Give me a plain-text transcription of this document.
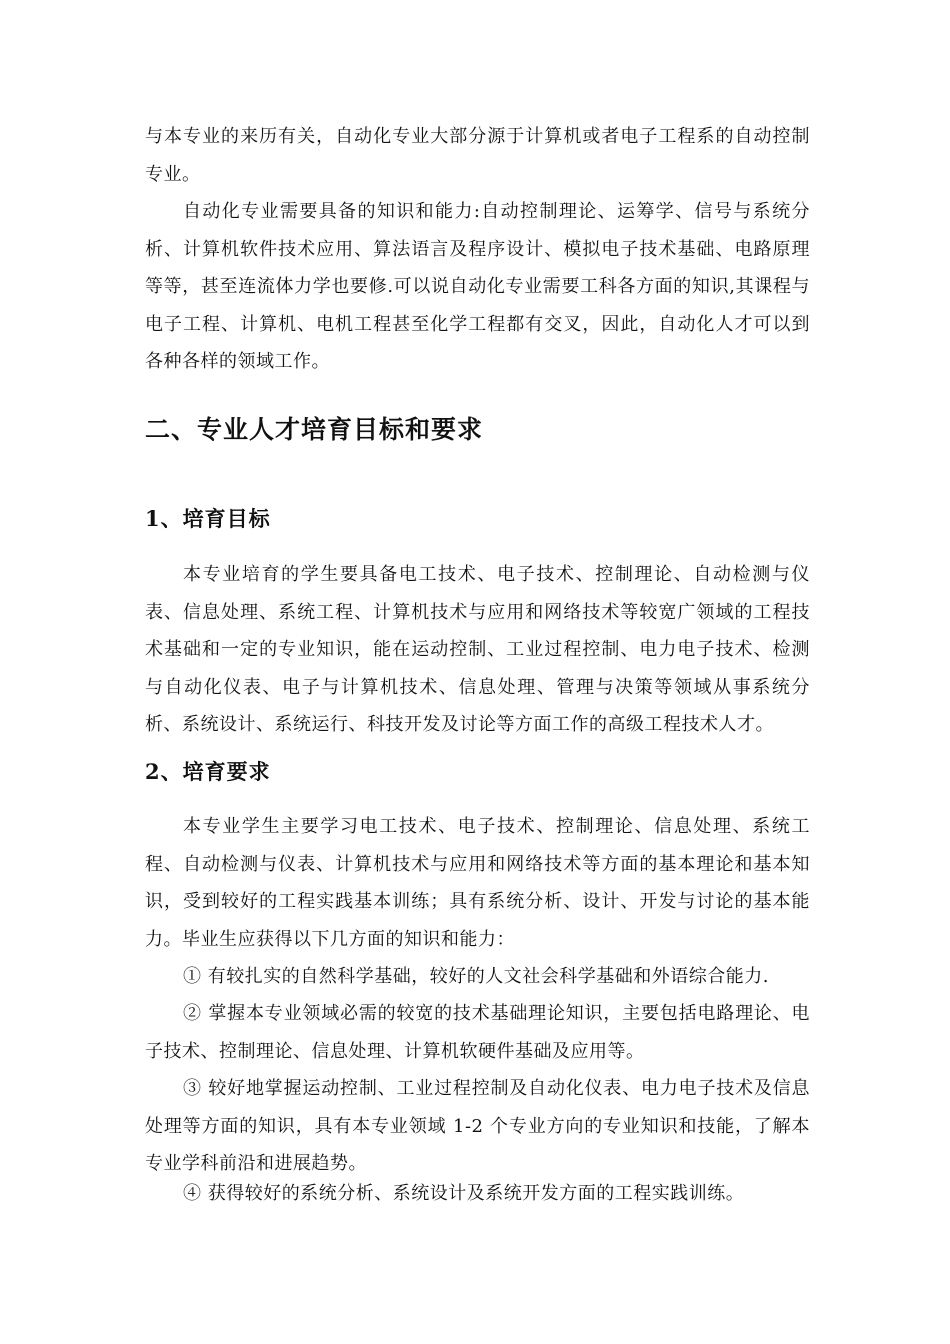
与本专业的来历有关，自动化专业大部分源于计算机或者电子工程系的自动控制专业。

自动化专业需要具备的知识和能力:自动控制理论、运筹学、信号与系统分析、计算机软件技术应用、算法语言及程序设计、模拟电子技术基础、电路原理等等，甚至连流体力学也要修.可以说自动化专业需要工科各方面的知识,其课程与电子工程、计算机、电机工程甚至化学工程都有交叉，因此，自动化人才可以到各种各样的领域工作。

二、专业人才培育目标和要求
1、培育目标

本专业培育的学生要具备电工技术、电子技术、控制理论、自动检测与仪表、信息处理、系统工程、计算机技术与应用和网络技术等较宽广领域的工程技术基础和一定的专业知识，能在运动控制、工业过程控制、电力电子技术、检测与自动化仪表、电子与计算机技术、信息处理、管理与决策等领域从事系统分析、系统设计、系统运行、科技开发及讨论等方面工作的高级工程技术人才。

2、培育要求

本专业学生主要学习电工技术、电子技术、控制理论、信息处理、系统工程、自动检测与仪表、计算机技术与应用和网络技术等方面的基本理论和基本知识，受到较好的工程实践基本训练；具有系统分析、设计、开发与讨论的基本能力。毕业生应获得以下几方面的知识和能力：

① 有较扎实的自然科学基础，较好的人文社会科学基础和外语综合能力.

② 掌握本专业领域必需的较宽的技术基础理论知识，主要包括电路理论、电子技术、控制理论、信息处理、计算机软硬件基础及应用等。

③ 较好地掌握运动控制、工业过程控制及自动化仪表、电力电子技术及信息处理等方面的知识，具有本专业领域 1-2 个专业方向的专业知识和技能，了解本专业学科前沿和进展趋势。

④ 获得较好的系统分析、系统设计及系统开发方面的工程实践训练。
